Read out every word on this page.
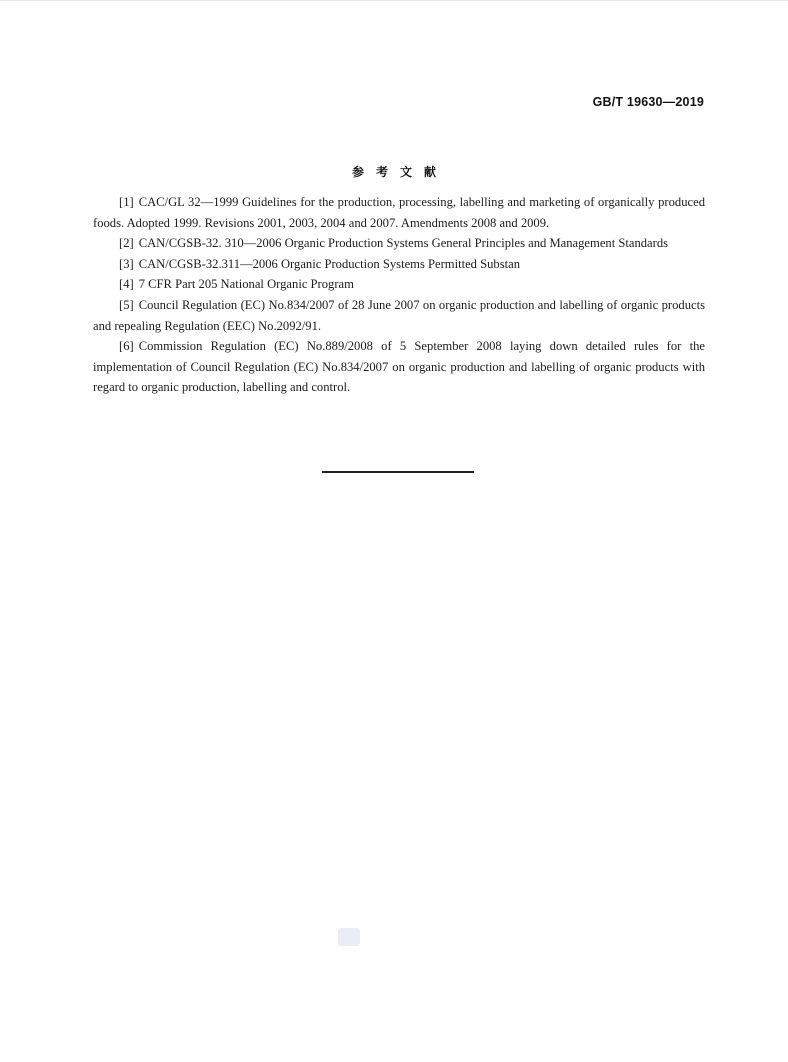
GB/T 19630—2019
参考文献

[1] CAC/GL 32—1999 Guidelines for the production, processing, labelling and marketing of organically produced foods. Adopted 1999. Revisions 2001, 2003, 2004 and 2007. Amendments 2008 and 2009.

[2] CAN/CGSB-32. 310—2006 Organic Production Systems General Principles and Management Standards

[3] CAN/CGSB-32.311—2006 Organic Production Systems Permitted Substan

[4] 7 CFR Part 205 National Organic Program

[5] Council Regulation (EC) No.834/2007 of 28 June 2007 on organic production and labelling of organic products and repealing Regulation (EEC) No.2092/91.

[6] Commission Regulation (EC) No.889/2008 of 5 September 2008 laying down detailed rules for the implementation of Council Regulation (EC) No.834/2007 on organic production and labelling of organic products with regard to organic production, labelling and control.
